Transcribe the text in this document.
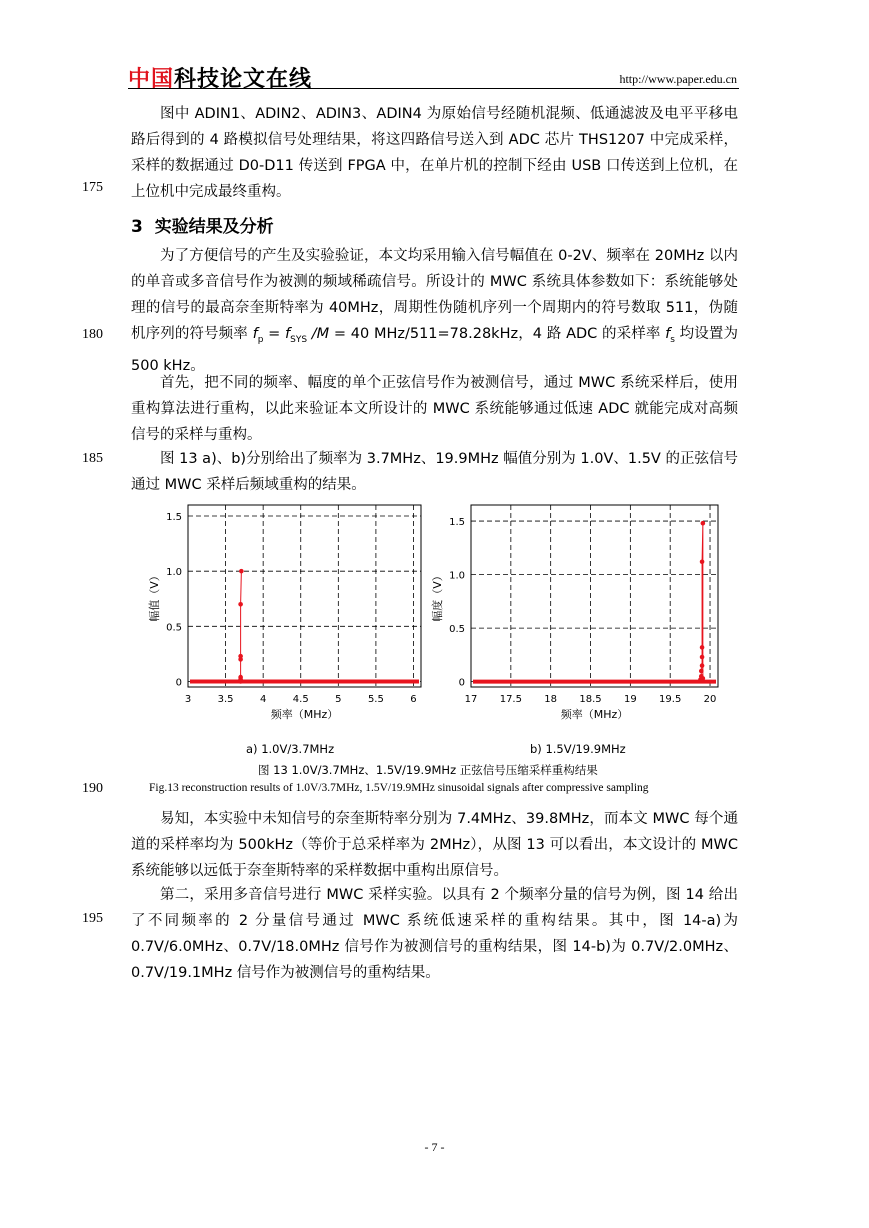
中国科技论文在线	http://www.paper.edu.cn
图中 ADIN1、ADIN2、ADIN3、ADIN4 为原始信号经随机混频、低通滤波及电平平移电路后得到的 4 路模拟信号处理结果，将这四路信号送入到 ADC 芯片 THS1207 中完成采样，采样的数据通过 D0-D11 传送到 FPGA 中，在单片机的控制下经由 USB 口传送到上位机，在上位机中完成最终重构。
175
3 实验结果及分析
为了方便信号的产生及实验验证，本文均采用输入信号幅值在 0-2V、频率在 20MHz 以内的单音或多音信号作为被测的频域稀疏信号。所设计的 MWC 系统具体参数如下：系统能够处理的信号的最高奈奎斯特率为 40MHz，周期性伪随机序列一个周期内的符号数取 511，伪随机序列的符号频率 $f_p = f_{SYS}$ /M = 40 MHz/511=78.28kHz，4 路 ADC 的采样率 $f_s$ 均设置为 500 kHz。
180
首先，把不同的频率、幅度的单个正弦信号作为被测信号，通过 MWC 系统采样后，使用重构算法进行重构，以此来验证本文所设计的 MWC 系统能够通过低速 ADC 就能完成对高频信号的采样与重构。
图 13 a)、b)分别给出了频率为 3.7MHz、19.9MHz 幅值分别为 1.0V、1.5V 的正弦信号通过 MWC 采样后频域重构的结果。
185
3	3.5	4	4.5	5	5.5	6
0
0.5
1.0
1.5
频率（MHz）
幅值（V）
17 17.5 18 18.5 19 19.5 20
0
0.5
1.0
1.5
频率（MHz）
幅度（V）
a) 1.0V/3.7MHz	b) 1.5V/19.9MHz
图 13 1.0V/3.7MHz、1.5V/19.9MHz 正弦信号压缩采样重构结果
Fig.13 reconstruction results of 1.0V/3.7MHz, 1.5V/19.9MHz sinusoidal signals after compressive sampling
190
易知，本实验中未知信号的奈奎斯特率分别为 7.4MHz、39.8MHz，而本文 MWC 每个通道的采样率均为 500kHz（等价于总采样率为 2MHz），从图 13 可以看出，本文设计的 MWC 系统能够以远低于奈奎斯特率的采样数据中重构出原信号。
第二，采用多音信号进行 MWC 采样实验。以具有 2 个频率分量的信号为例，图 14 给出了不同频率的 2 分量信号通过 MWC 系统低速采样的重构结果。其中，图 14-a)为 0.7V/6.0MHz、0.7V/18.0MHz 信号作为被测信号的重构结果，图 14-b)为 0.7V/2.0MHz、0.7V/19.1MHz 信号作为被测信号的重构结果。
195
- 7 -
